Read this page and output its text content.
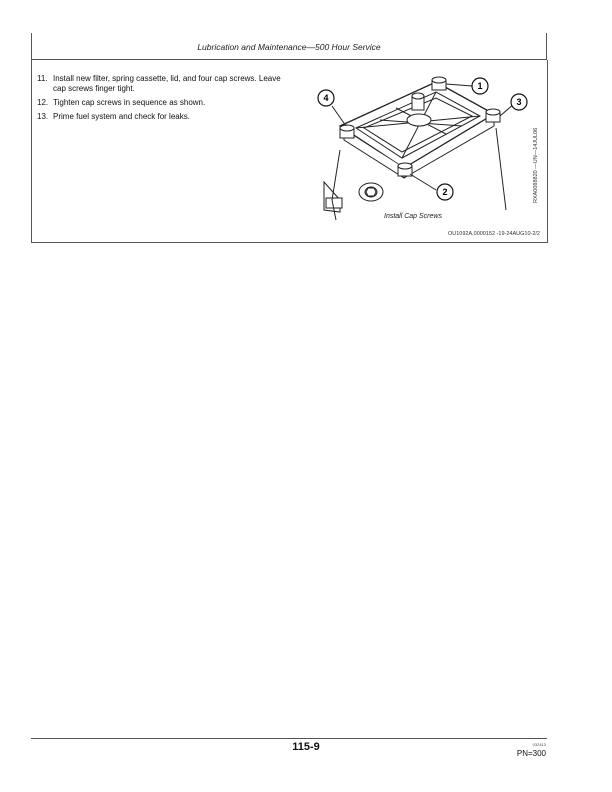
Lubrication and Maintenance—500 Hour Service
11. Install new filter, spring cassette, lid, and four cap screws. Leave cap screws finger tight.
12. Tighten cap screws in sequence as shown.
13. Prime fuel system and check for leaks.
1
3
4
2
Install Cap Screws
RXA0088820 —UN—14JUL06
OU1092A,0000152 -19-24AUG10-2/2
115-9	032413
PN=300
